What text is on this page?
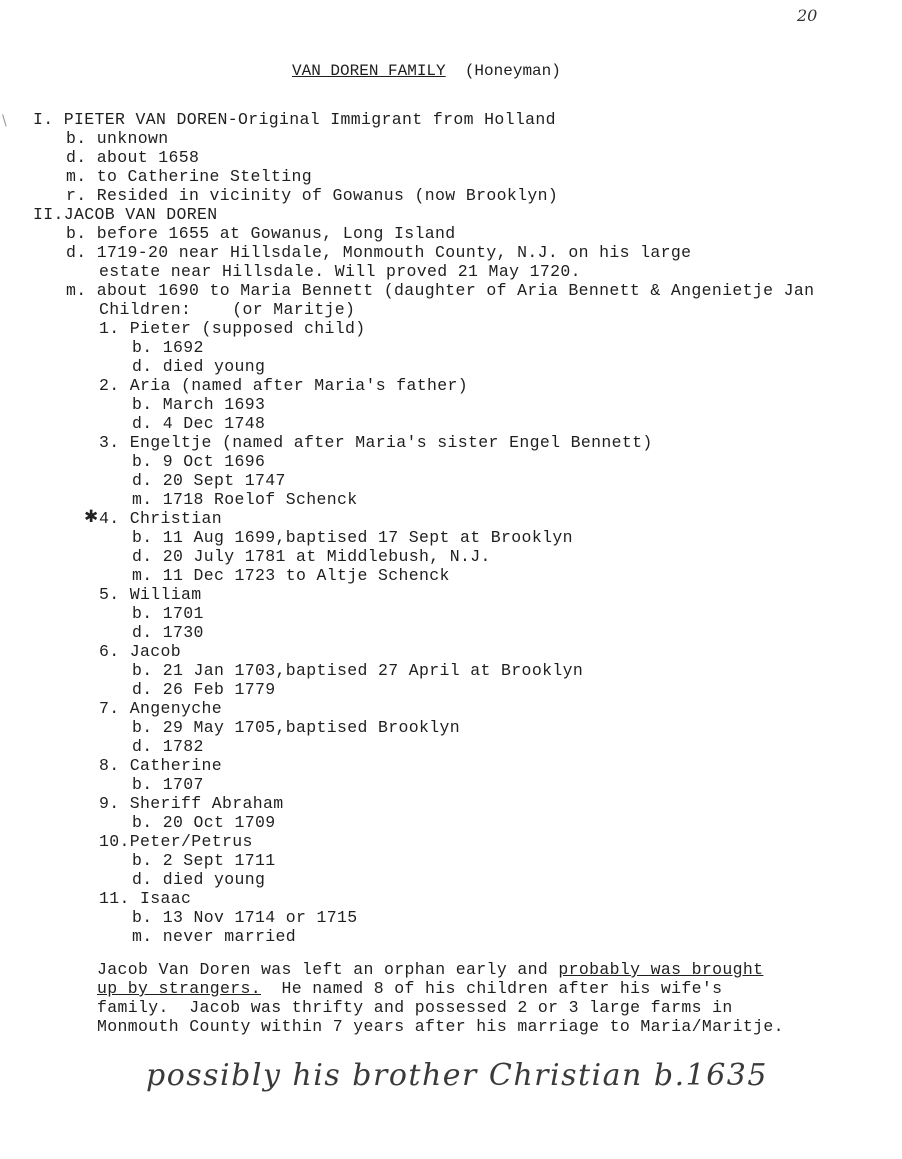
20
VAN DOREN FAMILY (Honeyman)
\ I. PIETER VAN DOREN-Original Immigrant from Holland
b. unknown
d. about 1658
m. to Catherine Stelting
r. Resided in vicinity of Gowanus (now Brooklyn)
II.JACOB VAN DOREN
b. before 1655 at Gowanus, Long Island
d. 1719-20 near Hillsdale, Monmouth County, N.J. on his large
estate near Hillsdale. Will proved 21 May 1720.
m. about 1690 to Maria Bennett (daughter of Aria Bennett & Angenietje Jan
Children:    (or Maritje)
1. Pieter (supposed child)
b. 1692
d. died young
2. Aria (named after Maria's father)
b. March 1693
d. 4 Dec 1748
3. Engeltje (named after Maria's sister Engel Bennett)
b. 9 Oct 1696
d. 20 Sept 1747
m. 1718 Roelof Schenck
4. Christian
b. 11 Aug 1699,baptised 17 Sept at Brooklyn
d. 20 July 1781 at Middlebush, N.J.
m. 11 Dec 1723 to Altje Schenck
5. William
b. 1701
d. 1730
6. Jacob
b. 21 Jan 1703,baptised 27 April at Brooklyn
d. 26 Feb 1779
7. Angenyche
b. 29 May 1705,baptised Brooklyn
d. 1782
8. Catherine
b. 1707
9. Sheriff Abraham
b. 20 Oct 1709
10.Peter/Petrus
b. 2 Sept 1711
d. died young
11. Isaac
b. 13 Nov 1714 or 1715
m. never married
✱
Jacob Van Doren was left an orphan early and probably was brought
up by strangers.  He named 8 of his children after his wife's
family.  Jacob was thrifty and possessed 2 or 3 large farms in
Monmouth County within 7 years after his marriage to Maria/Maritje.
possibly his brother Christian b.1635
